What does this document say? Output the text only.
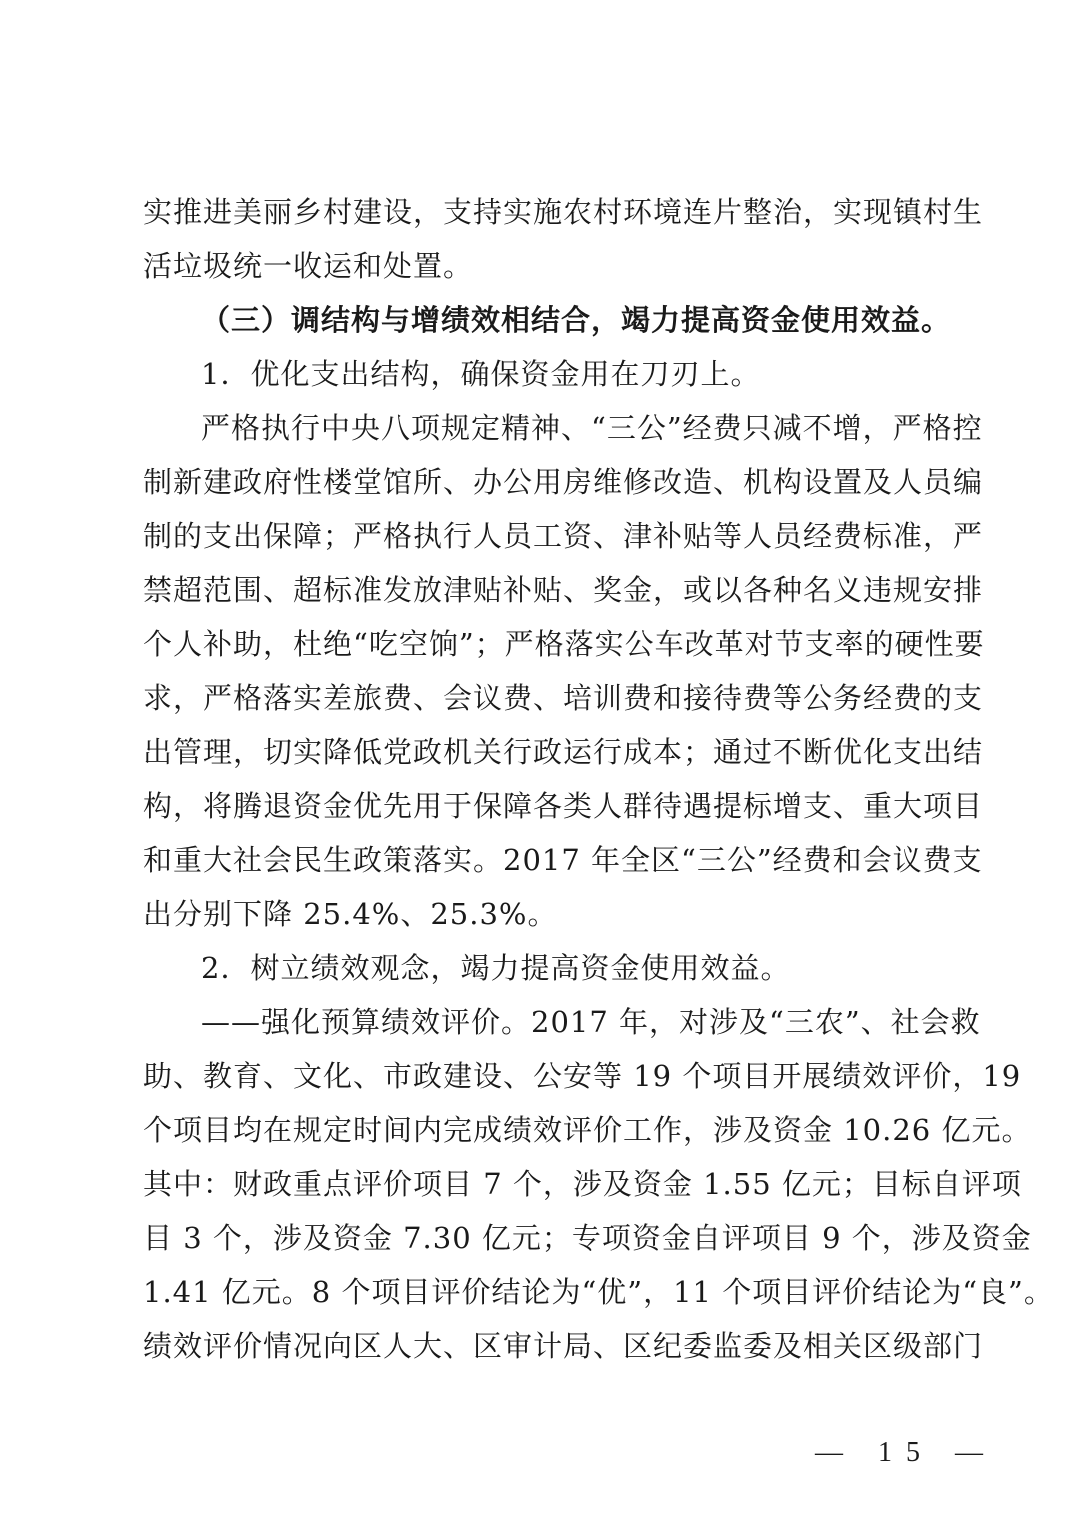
实推进美丽乡村建设，支持实施农村环境连片整治，实现镇村生

活垃圾统一收运和处置。

（三）调结构与增绩效相结合，竭力提高资金使用效益。

1．优化支出结构，确保资金用在刀刃上。

严格执行中央八项规定精神、“三公”经费只减不增，严格控

制新建政府性楼堂馆所、办公用房维修改造、机构设置及人员编

制的支出保障；严格执行人员工资、津补贴等人员经费标准，严

禁超范围、超标准发放津贴补贴、奖金，或以各种名义违规安排

个人补助，杜绝“吃空饷”；严格落实公车改革对节支率的硬性要

求，严格落实差旅费、会议费、培训费和接待费等公务经费的支

出管理，切实降低党政机关行政运行成本；通过不断优化支出结

构，将腾退资金优先用于保障各类人群待遇提标增支、重大项目

和重大社会民生政策落实。2017 年全区“三公”经费和会议费支

出分别下降 25.4%、25.3%。

2．树立绩效观念，竭力提高资金使用效益。

——强化预算绩效评价。2017 年，对涉及“三农”、社会救

助、教育、文化、市政建设、公安等 19 个项目开展绩效评价，19

个项目均在规定时间内完成绩效评价工作，涉及资金 10.26 亿元。

其中：财政重点评价项目 7 个，涉及资金 1.55 亿元；目标自评项

目 3 个，涉及资金 7.30 亿元；专项资金自评项目 9 个，涉及资金

1.41 亿元。8 个项目评价结论为“优”，11 个项目评价结论为“良”。

绩效评价情况向区人大、区审计局、区纪委监委及相关区级部门

— 15 —
